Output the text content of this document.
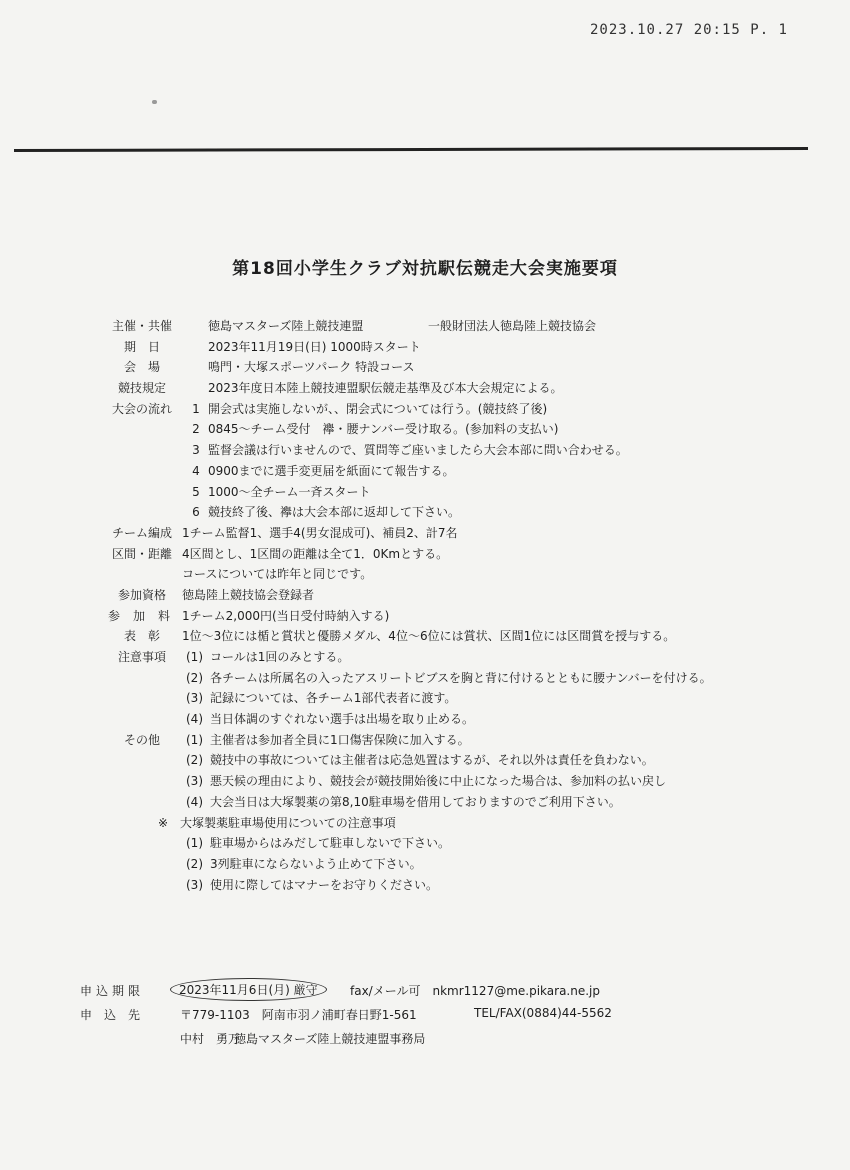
2023.10.27 20:15 P. 1
第18回小学生クラブ対抗駅伝競走大会実施要項
主催・共催	徳島マスターズ陸上競技連盟	一般財団法人徳島陸上競技協会
期　日	2023年11月19日(日) 1000時スタート
会　場	鳴門・大塚スポーツパーク 特設コース
競技規定	2023年度日本陸上競技連盟駅伝競走基準及び本大会規定による。
大会の流れ	1 開会式は実施しないが、、閉会式については行う。(競技終了後)
2 0845～チーム受付　襷・腰ナンバー受け取る。(参加料の支払い)
3 監督会議は行いませんので、質問等ご座いましたら大会本部に問い合わせる。
4 0900までに選手変更届を紙面にて報告する。
5 1000～全チーム一斉スタート
6 競技終了後、襷は大会本部に返却して下さい。
チーム編成 1チーム監督1、選手4(男女混成可)、補員2、計7名
区間・距離 4区間とし、1区間の距離は全て1．0Kmとする。
コースについては昨年と同じです。
参加資格	徳島陸上競技協会登録者
参加料 1チーム2,000円(当日受付時納入する)
表　彰	1位～3位には楯と賞状と優勝メダル、4位～6位には賞状、区間1位には区間賞を授与する。
注意事項	(1) コールは1回のみとする。
(2) 各チームは所属名の入ったアスリートビブスを胸と背に付けるとともに腰ナンバーを付ける。
(3) 記録については、各チーム1部代表者に渡す。
(4) 当日体調のすぐれない選手は出場を取り止める。
その他	(1) 主催者は参加者全員に1口傷害保険に加入する。
(2) 競技中の事故については主催者は応急処置はするが、それ以外は責任を負わない。
(3) 悪天候の理由により、競技会が競技開始後に中止になった場合は、参加料の払い戻し
(4) 大会当日は大塚製薬の第8,10駐車場を借用しておりますのでご利用下さい。
※ 大塚製薬駐車場使用についての注意事項
(1) 駐車場からはみだして駐車しないで下さい。
(2) 3列駐車にならないよう止めて下さい。
(3) 使用に際してはマナーをお守りください。
申込期限	2023年11月6日(月) 厳守	fax/メール可　nkmr1127@me.pikara.ne.jp
申込先	〒779-1103　阿南市羽ノ浦町春日野1-561	TEL/FAX(0884)44-5562
中村　勇万
徳島マスターズ陸上競技連盟事務局
